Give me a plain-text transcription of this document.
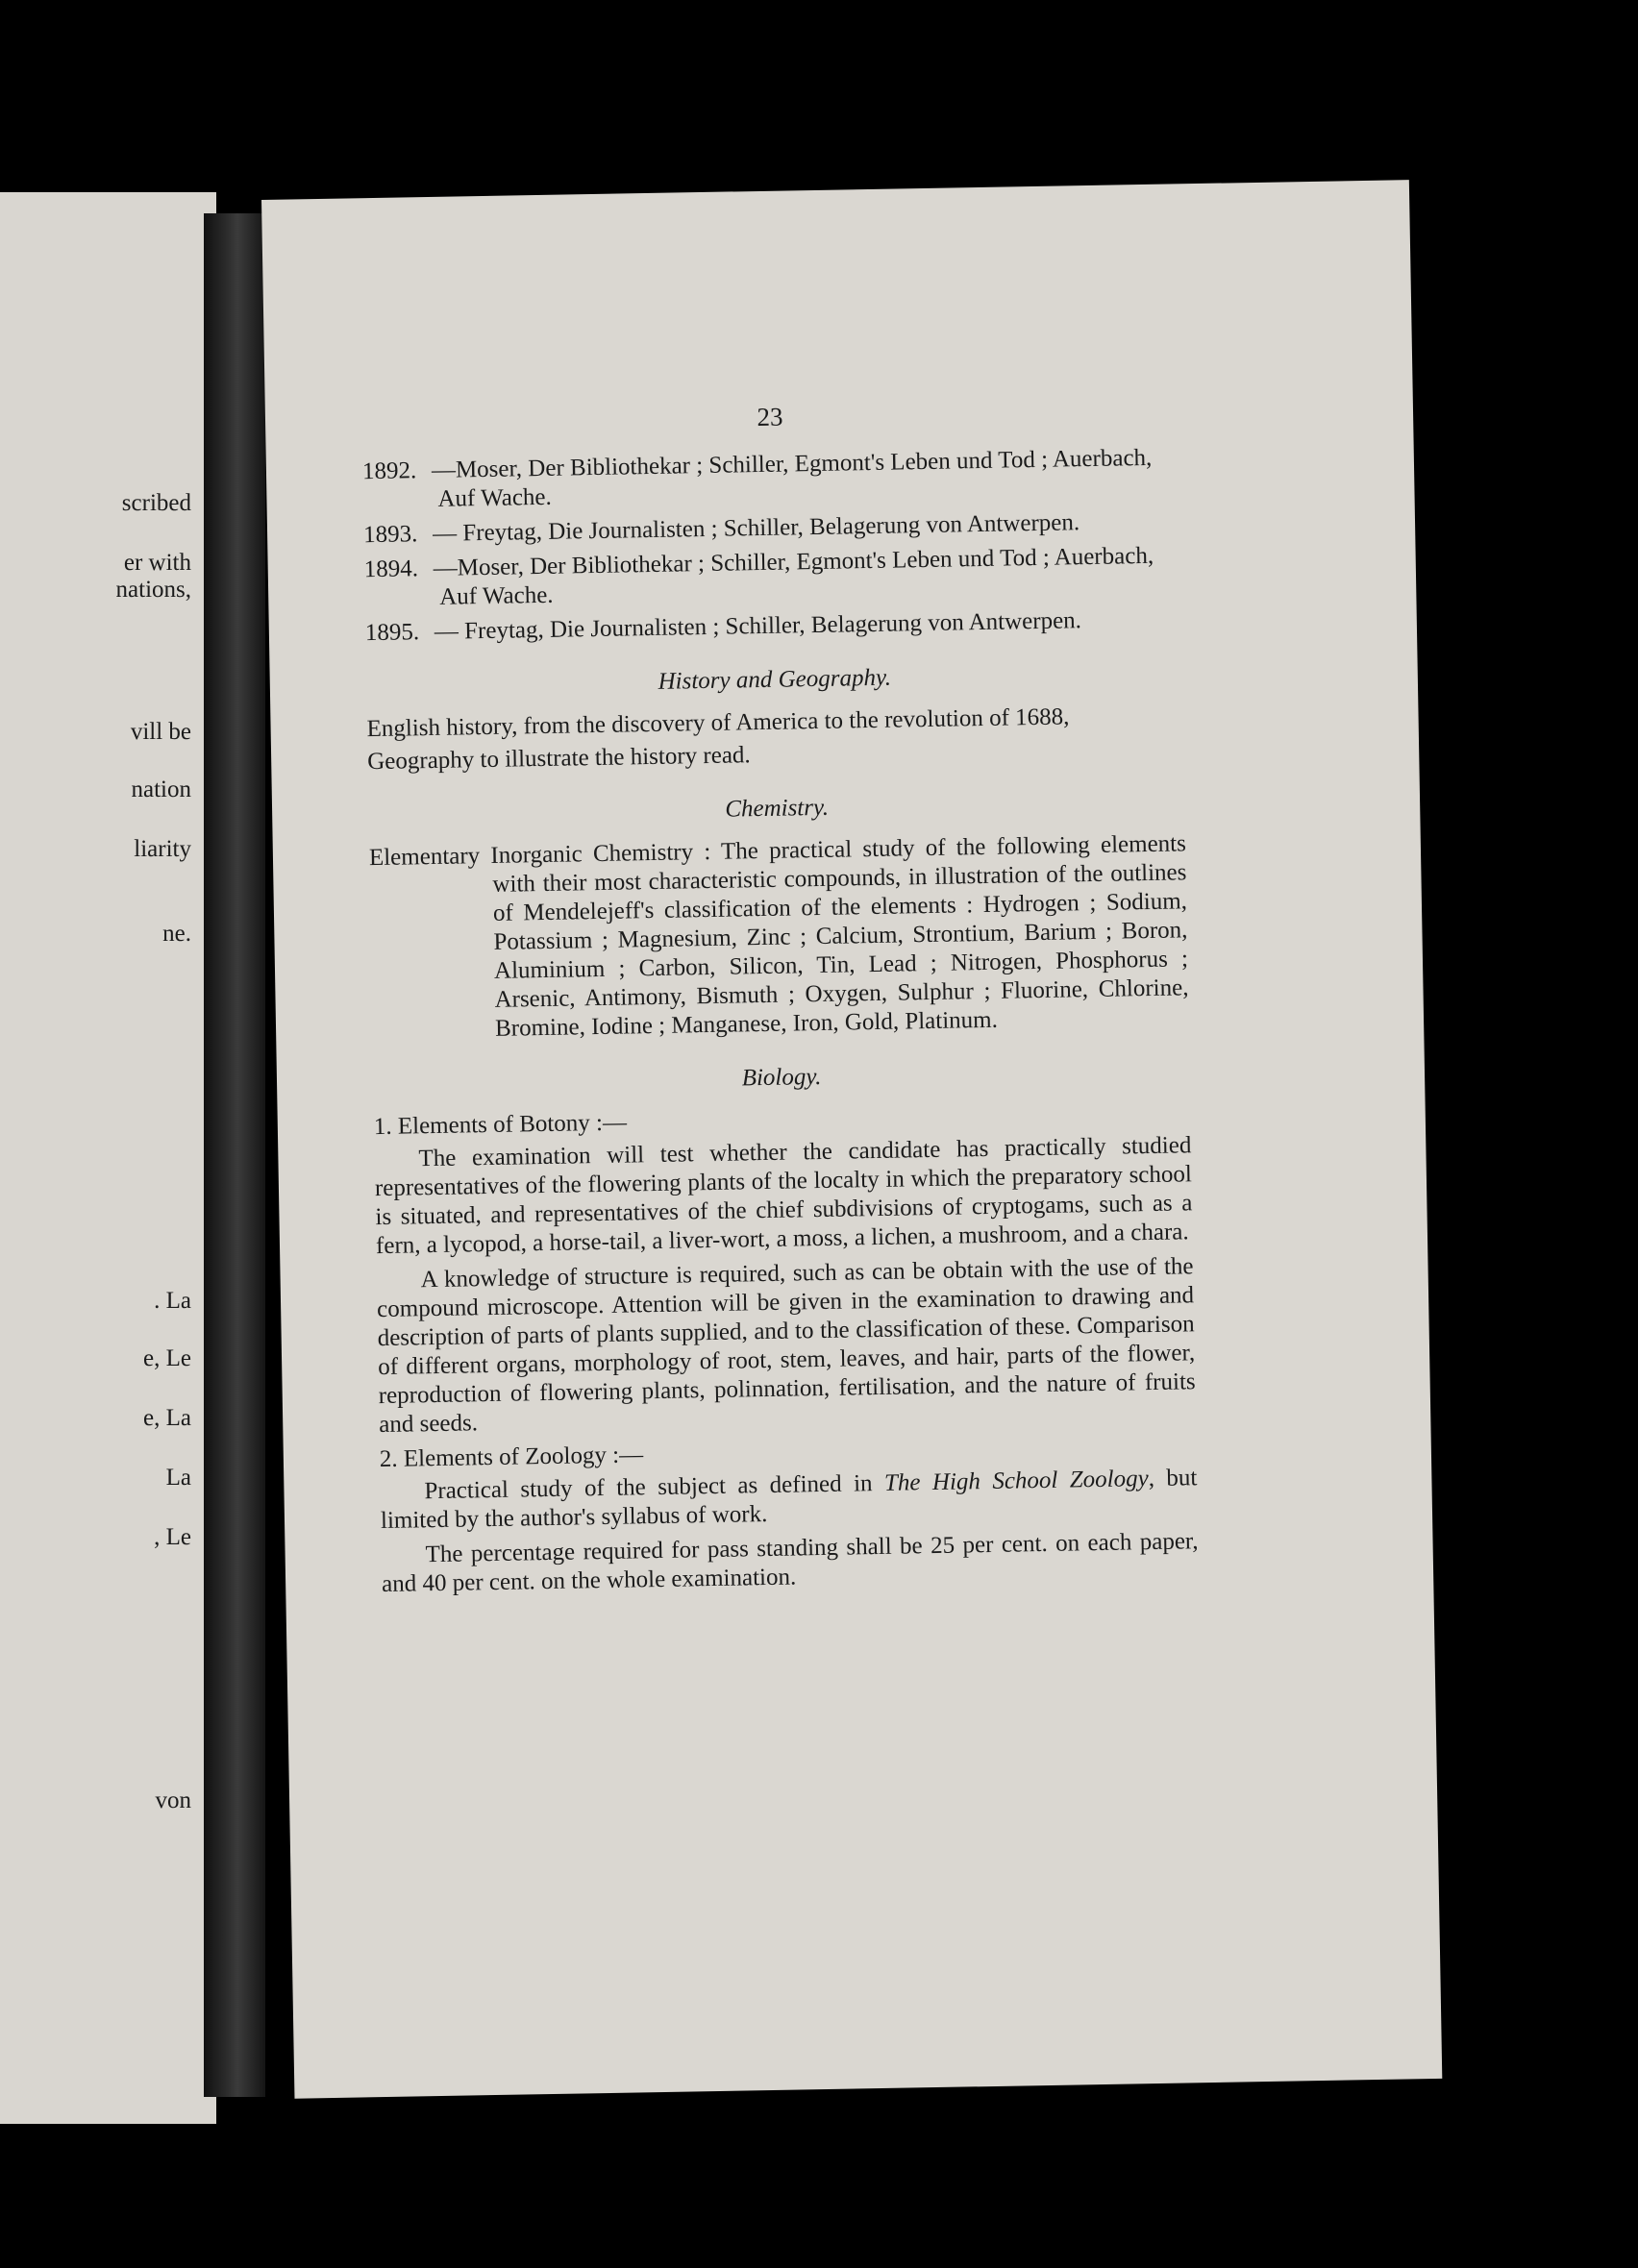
scribed
er with
nations,
vill be
nation
liarity
ne.
. La
e, Le
e, La
La
, Le
von
23
1892. —Moser, Der Bibliothekar ; Schiller, Egmont's Leben und Tod ; Auerbach, Auf Wache.
1893. — Freytag, Die Journalisten ; Schiller, Belagerung von Antwerpen.
1894. —Moser, Der Bibliothekar ; Schiller, Egmont's Leben und Tod ; Auerbach, Auf Wache.
1895. — Freytag, Die Journalisten ; Schiller, Belagerung von Antwerpen.
History and Geography.
English history, from the discovery of America to the revolution of 1688,
Geography to illustrate the history read.
Chemistry.
Elementary Inorganic Chemistry : The practical study of the following elements with their most characteristic compounds, in illustration of the outlines of Mendelejeff's classification of the elements : Hydrogen ; Sodium, Potassium ; Magnesium, Zinc ; Calcium, Strontium, Barium ; Boron, Aluminium ; Carbon, Silicon, Tin, Lead ; Nitrogen, Phosphorus ; Arsenic, Antimony, Bismuth ; Oxygen, Sulphur ; Fluorine, Chlorine, Bromine, Iodine ; Manganese, Iron, Gold, Platinum.
Biology.
1. Elements of Botony :—
The examination will test whether the candidate has practically studied representatives of the flowering plants of the localty in which the preparatory school is situated, and representatives of the chief subdivisions of cryptogams, such as a fern, a lycopod, a horse-tail, a liver-wort, a moss, a lichen, a mushroom, and a chara.
A knowledge of structure is required, such as can be obtain with the use of the compound microscope. Attention will be given in the examination to drawing and description of parts of plants supplied, and to the classification of these. Comparison of different organs, morphology of root, stem, leaves, and hair, parts of the flower, reproduction of flowering plants, polinnation, fertilisation, and the nature of fruits and seeds.
2. Elements of Zoology :—
Practical study of the subject as defined in The High School Zoology, but limited by the author's syllabus of work.
The percentage required for pass standing shall be 25 per cent. on each paper, and 40 per cent. on the whole examination.
